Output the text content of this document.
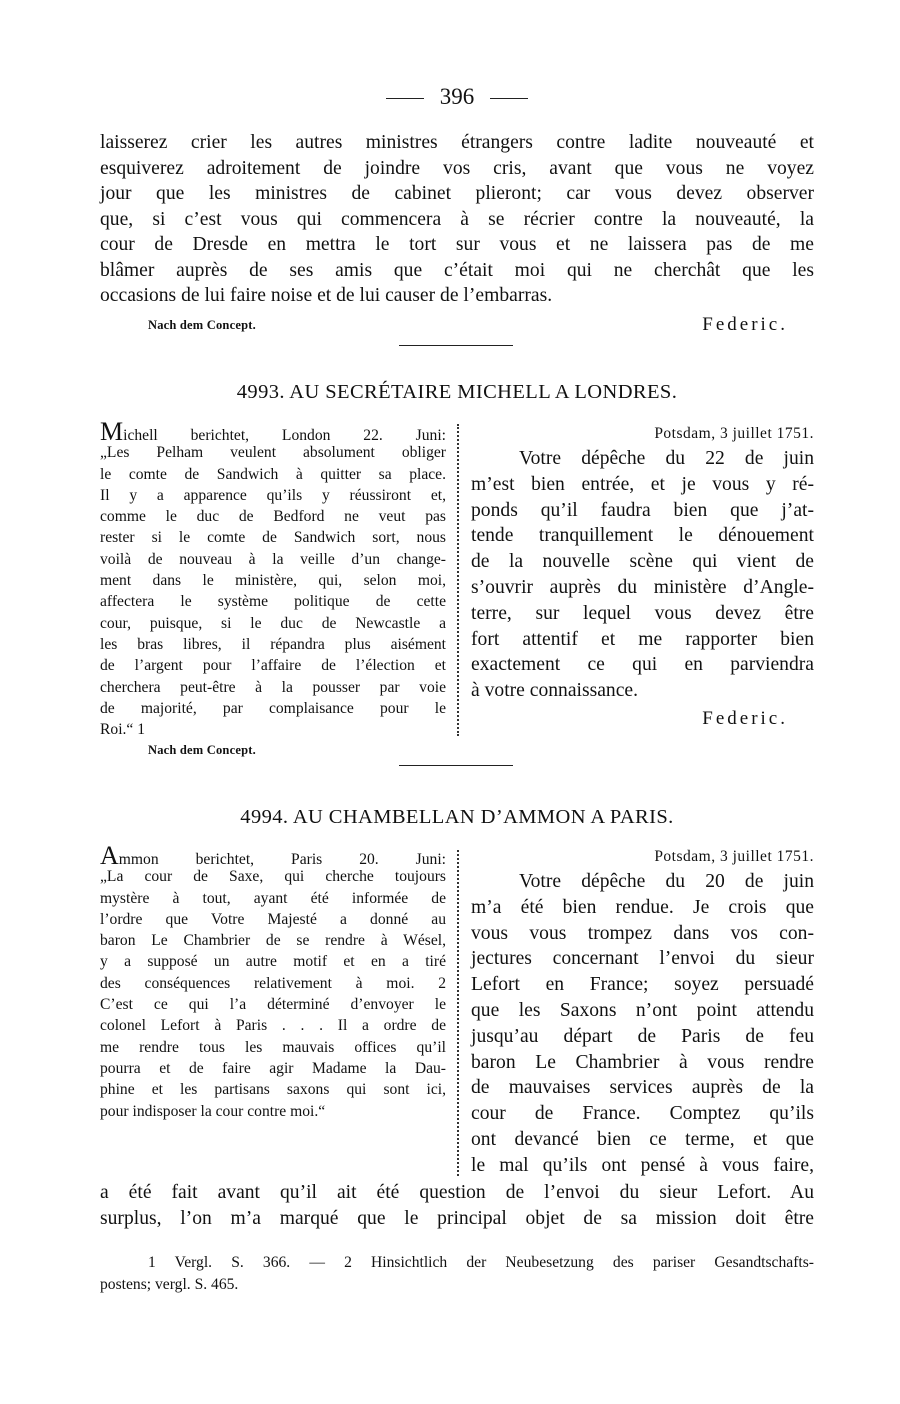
396
laisserez crier les autres ministres étrangers contre ladite nouveauté et
esquiverez adroitement de joindre vos cris, avant que vous ne voyez
jour que les ministres de cabinet plieront; car vous devez observer
que, si c’est vous qui commencera à se récrier contre la nouveauté, la
cour de Dresde en mettra le tort sur vous et ne laissera pas de me
blâmer auprès de ses amis que c’était moi qui ne cherchât que les
occasions de lui faire noise et de lui causer de l’embarras.
Nach dem Concept.	Federic.
4993. AU SECRÉTAIRE MICHELL A LONDRES.
Michell berichtet, London 22. Juni:
„Les Pelham veulent absolument obliger
le comte de Sandwich à quitter sa place.
Il y a apparence qu’ils y réussiront et,
comme le duc de Bedford ne veut pas
rester si le comte de Sandwich sort, nous
voilà de nouveau à la veille d’un change-
ment dans le ministère, qui, selon moi,
affectera le système politique de cette
cour, puisque, si le duc de Newcastle a
les bras libres, il répandra plus aisément
de l’argent pour l’affaire de l’élection et
cherchera peut-être à la pousser par voie
de majorité, par complaisance pour le
Roi.“ 1
Nach dem Concept.
Potsdam, 3 juillet 1751.
Votre dépêche du 22 de juin
m’est bien entrée, et je vous y ré-
ponds qu’il faudra bien que j’at-
tende tranquillement le dénouement
de la nouvelle scène qui vient de
s’ouvrir auprès du ministère d’Angle-
terre, sur lequel vous devez être
fort attentif et me rapporter bien
exactement ce qui en parviendra
à votre connaissance.
Federic.
4994. AU CHAMBELLAN D’AMMON A PARIS.
Ammon berichtet, Paris 20. Juni:
„La cour de Saxe, qui cherche toujours
mystère à tout, ayant été informée de
l’ordre que Votre Majesté a donné au
baron Le Chambrier de se rendre à Wésel,
y a supposé un autre motif et en a tiré
des conséquences relativement à moi. 2
C’est ce qui l’a déterminé d’envoyer le
colonel Lefort à Paris . . . Il a ordre de
me rendre tous les mauvais offices qu’il
pourra et de faire agir Madame la Dau-
phine et les partisans saxons qui sont ici,
pour indisposer la cour contre moi.“
Potsdam, 3 juillet 1751.
Votre dépêche du 20 de juin
m’a été bien rendue. Je crois que
vous vous trompez dans vos con-
jectures concernant l’envoi du sieur
Lefort en France; soyez persuadé
que les Saxons n’ont point attendu
jusqu’au départ de Paris de feu
baron Le Chambrier à vous rendre
de mauvaises services auprès de la
cour de France. Comptez qu’ils
ont devancé bien ce terme, et que
le mal qu’ils ont pensé à vous faire,
a été fait avant qu’il ait été question de l’envoi du sieur Lefort. Au
surplus, l’on m’a marqué que le principal objet de sa mission doit être
1 Vergl. S. 366. — 2 Hinsichtlich der Neubesetzung des pariser Gesandtschafts-
postens; vergl. S. 465.
